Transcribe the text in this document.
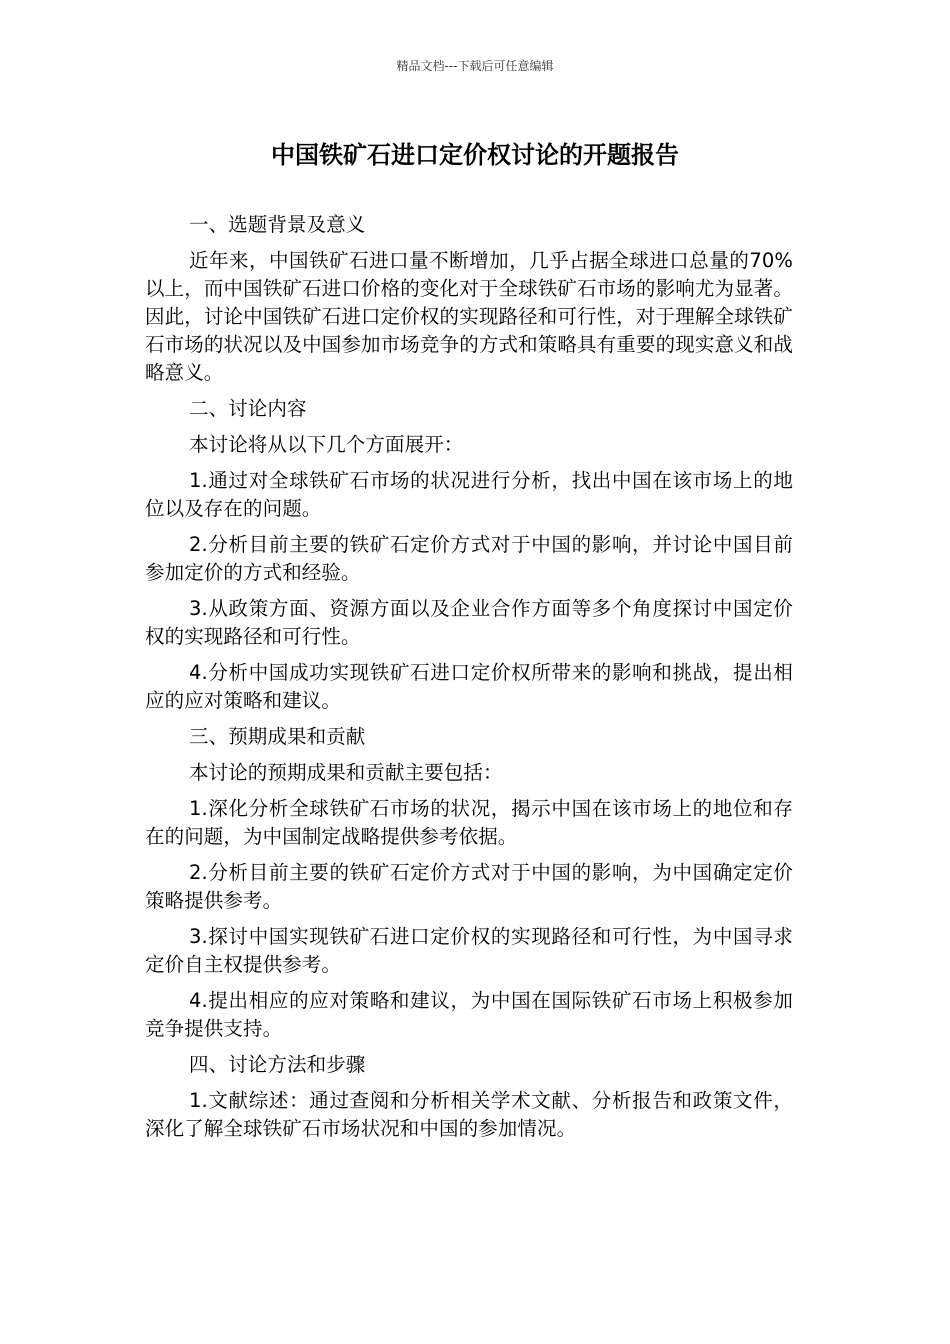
精品文档---下载后可任意编辑
中国铁矿石进口定价权讨论的开题报告

一、选题背景及意义

近年来，中国铁矿石进口量不断增加，几乎占据全球进口总量的70%以上，而中国铁矿石进口价格的变化对于全球铁矿石市场的影响尤为显著。因此，讨论中国铁矿石进口定价权的实现路径和可行性，对于理解全球铁矿石市场的状况以及中国参加市场竞争的方式和策略具有重要的现实意义和战略意义。

二、讨论内容

本讨论将从以下几个方面展开：

1.通过对全球铁矿石市场的状况进行分析，找出中国在该市场上的地位以及存在的问题。

2.分析目前主要的铁矿石定价方式对于中国的影响，并讨论中国目前参加定价的方式和经验。

3.从政策方面、资源方面以及企业合作方面等多个角度探讨中国定价权的实现路径和可行性。

4.分析中国成功实现铁矿石进口定价权所带来的影响和挑战，提出相应的应对策略和建议。

三、预期成果和贡献

本讨论的预期成果和贡献主要包括：

1.深化分析全球铁矿石市场的状况，揭示中国在该市场上的地位和存在的问题，为中国制定战略提供参考依据。

2.分析目前主要的铁矿石定价方式对于中国的影响，为中国确定定价策略提供参考。

3.探讨中国实现铁矿石进口定价权的实现路径和可行性，为中国寻求定价自主权提供参考。

4.提出相应的应对策略和建议，为中国在国际铁矿石市场上积极参加竞争提供支持。

四、讨论方法和步骤

1.文献综述：通过查阅和分析相关学术文献、分析报告和政策文件，深化了解全球铁矿石市场状况和中国的参加情况。
